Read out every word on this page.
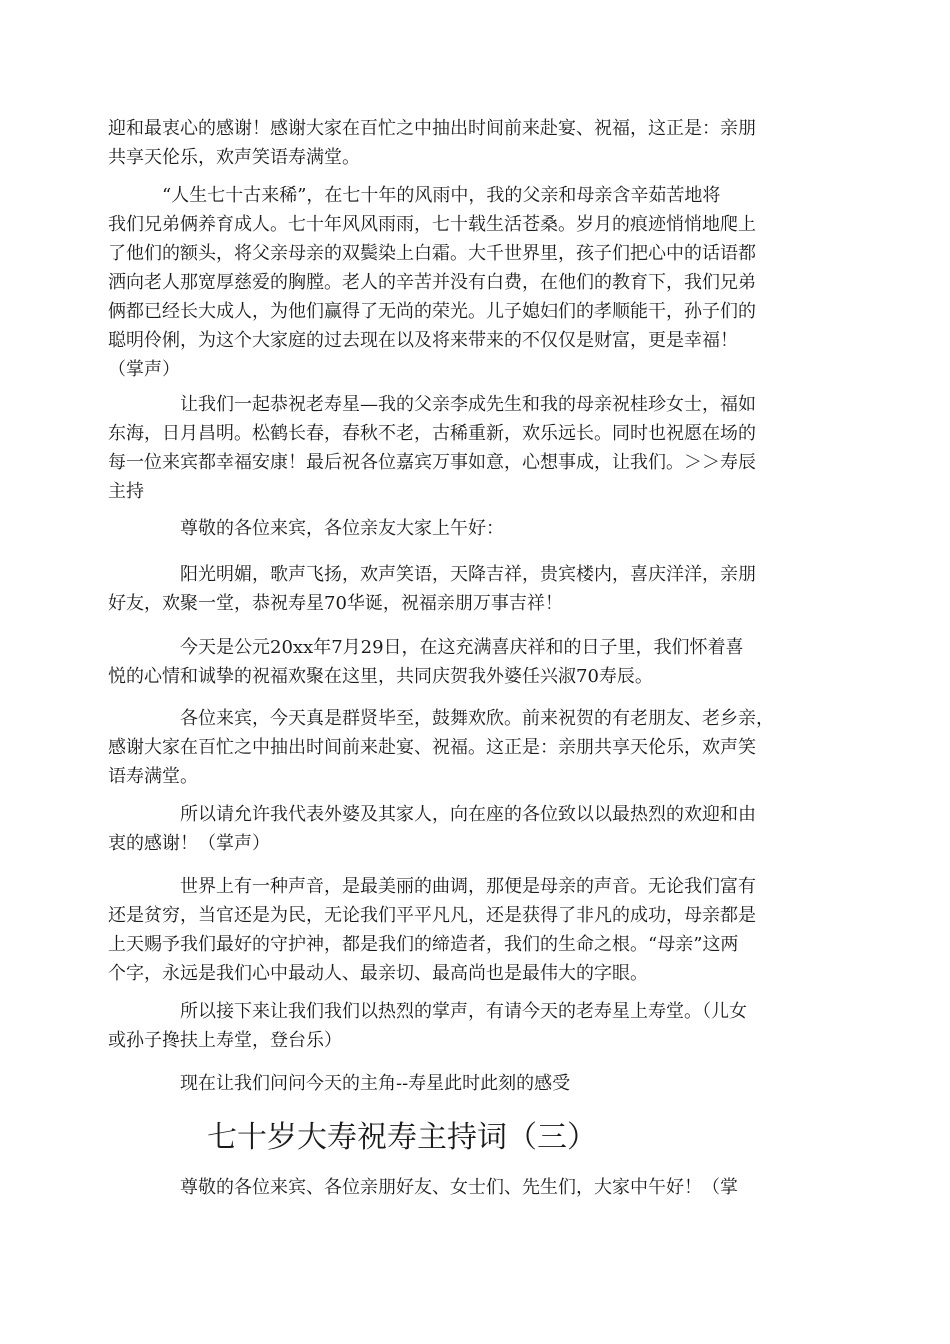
迎和最衷心的感谢！感谢大家在百忙之中抽出时间前来赴宴、祝福，这正是：亲朋
共享天伦乐，欢声笑语寿满堂。

　　　“人生七十古来稀”，在七十年的风雨中，我的父亲和母亲含辛茹苦地将
我们兄弟俩养育成人。七十年风风雨雨，七十载生活苍桑。岁月的痕迹悄悄地爬上
了他们的额头，将父亲母亲的双鬓染上白霜。大千世界里，孩子们把心中的话语都
洒向老人那宽厚慈爱的胸膛。老人的辛苦并没有白费，在他们的教育下，我们兄弟
俩都已经长大成人，为他们赢得了无尚的荣光。儿子媳妇们的孝顺能干，孙子们的
聪明伶俐，为这个大家庭的过去现在以及将来带来的不仅仅是财富，更是幸福！
（掌声）

　　　　让我们一起恭祝老寿星—我的父亲李成先生和我的母亲祝桂珍女士，福如
东海，日月昌明。松鹤长春，春秋不老，古稀重新，欢乐远长。同时也祝愿在场的
每一位来宾都幸福安康！最后祝各位嘉宾万事如意，心想事成，让我们。＞＞寿辰
主持

　　　　尊敬的各位来宾，各位亲友大家上午好：

　　　　阳光明媚，歌声飞扬，欢声笑语，天降吉祥，贵宾楼内，喜庆洋洋，亲朋
好友，欢聚一堂，恭祝寿星70华诞，祝福亲朋万事吉祥！

　　　　今天是公元20xx年7月29日，在这充满喜庆祥和的日子里，我们怀着喜
悦的心情和诚挚的祝福欢聚在这里，共同庆贺我外婆任兴淑70寿辰。

　　　　各位来宾，今天真是群贤毕至，鼓舞欢欣。前来祝贺的有老朋友、老乡亲，
感谢大家在百忙之中抽出时间前来赴宴、祝福。这正是：亲朋共享天伦乐，欢声笑
语寿满堂。

　　　　所以请允许我代表外婆及其家人，向在座的各位致以以最热烈的欢迎和由
衷的感谢！（掌声）

　　　　世界上有一种声音，是最美丽的曲调，那便是母亲的声音。无论我们富有
还是贫穷，当官还是为民，无论我们平平凡凡，还是获得了非凡的成功，母亲都是
上天赐予我们最好的守护神，都是我们的缔造者，我们的生命之根。“母亲”这两
个字，永远是我们心中最动人、最亲切、最高尚也是最伟大的字眼。

　　　　所以接下来让我们我们以热烈的掌声，有请今天的老寿星上寿堂。（儿女
或孙子搀扶上寿堂，登台乐）

　　　　现在让我们问问今天的主角--寿星此时此刻的感受

七十岁大寿祝寿主持词（三）

　　　　尊敬的各位来宾、各位亲朋好友、女士们、先生们，大家中午好！（掌
